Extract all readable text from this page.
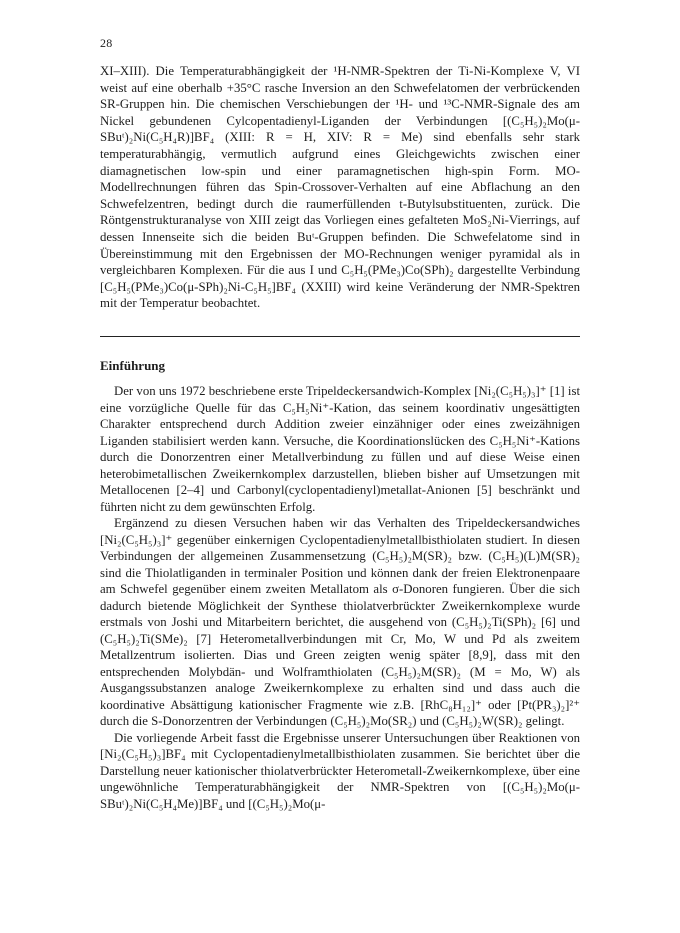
28
XI–XIII). Die Temperaturabhängigkeit der ¹H-NMR-Spektren der Ti-Ni-Komplexe V, VI weist auf eine oberhalb +35°C rasche Inversion an den Schwefelatomen der verbrückenden SR-Gruppen hin. Die chemischen Verschiebungen der ¹H- und ¹³C-NMR-Signale des am Nickel gebundenen Cylcopentadienyl-Liganden der Verbindungen [(C₅H₅)₂Mo(μ-SBuᵗ)₂Ni(C₅H₄R)]BF₄ (XIII: R = H, XIV: R = Me) sind ebenfalls sehr stark temperaturabhängig, vermutlich aufgrund eines Gleichgewichts zwischen einer diamagnetischen low-spin und einer paramagnetischen high-spin Form. MO-Modellrechnungen führen das Spin-Crossover-Verhalten auf eine Abflachung an den Schwefelzentren, bedingt durch die raumerfüllenden t-Butylsubstituenten, zurück. Die Röntgenstrukturanalyse von XIII zeigt das Vorliegen eines gefalteten MoS₂Ni-Vierrings, auf dessen Innenseite sich die beiden Buᵗ-Gruppen befinden. Die Schwefelatome sind in Übereinstimmung mit den Ergebnissen der MO-Rechnungen weniger pyramidal als in vergleichbaren Komplexen. Für die aus I und C₅H₅(PMe₃)Co(SPh)₂ dargestellte Verbindung [C₅H₅(PMe₃)Co(μ-SPh)₂Ni-C₅H₅]BF₄ (XXIII) wird keine Veränderung der NMR-Spektren mit der Temperatur beobachtet.
Einführung

Der von uns 1972 beschriebene erste Tripeldeckersandwich-Komplex [Ni₂(C₅H₅)₃]⁺ [1] ist eine vorzügliche Quelle für das C₅H₅Ni⁺-Kation, das seinem koordinativ ungesättigten Charakter entsprechend durch Addition zweier einzähniger oder eines zweizähnigen Liganden stabilisiert werden kann. Versuche, die Koordinationslücken des C₅H₅Ni⁺-Kations durch die Donorzentren einer Metallverbindung zu füllen und auf diese Weise einen heterobimetallischen Zweikernkomplex darzustellen, blieben bisher auf Umsetzungen mit Metallocenen [2–4] und Carbonyl(cyclopentadienyl)metallat-Anionen [5] beschränkt und führten nicht zu dem gewünschten Erfolg.

Ergänzend zu diesen Versuchen haben wir das Verhalten des Tripeldeckersandwiches [Ni₂(C₅H₅)₃]⁺ gegenüber einkernigen Cyclopentadienylmetallbisthiolaten studiert. In diesen Verbindungen der allgemeinen Zusammensetzung (C₅H₅)₂M(SR)₂ bzw. (C₅H₅)(L)M(SR)₂ sind die Thiolatliganden in terminaler Position und können dank der freien Elektronenpaare am Schwefel gegenüber einem zweiten Metallatom als σ-Donoren fungieren. Über die sich dadurch bietende Möglichkeit der Synthese thiolatverbrückter Zweikernkomplexe wurde erstmals von Joshi und Mitarbeitern berichtet, die ausgehend von (C₅H₅)₂Ti(SPh)₂ [6] und (C₅H₅)₂Ti(SMe)₂ [7] Heterometallverbindungen mit Cr, Mo, W und Pd als zweitem Metallzentrum isolierten. Dias und Green zeigten wenig später [8,9], dass mit den entsprechenden Molybdän- und Wolframthiolaten (C₅H₅)₂M(SR)₂ (M = Mo, W) als Ausgangssubstanzen analoge Zweikernkomplexe zu erhalten sind und dass auch die koordinative Absättigung kationischer Fragmente wie z.B. [RhC₈H₁₂]⁺ oder [Pt(PR₃)₂]²⁺ durch die S-Donorzentren der Verbindungen (C₅H₅)₂Mo(SR₂) und (C₅H₅)₂W(SR)₂ gelingt.

Die vorliegende Arbeit fasst die Ergebnisse unserer Untersuchungen über Reaktionen von [Ni₂(C₅H₅)₃]BF₄ mit Cyclopentadienylmetallbisthiolaten zusammen. Sie berichtet über die Darstellung neuer kationischer thiolatverbrückter Heterometall-Zweikernkomplexe, über eine ungewöhnliche Temperaturabhängigkeit der NMR-Spektren von [(C₅H₅)₂Mo(μ-SBuᵗ)₂Ni(C₅H₄Me)]BF₄ und [(C₅H₅)₂Mo(μ-
